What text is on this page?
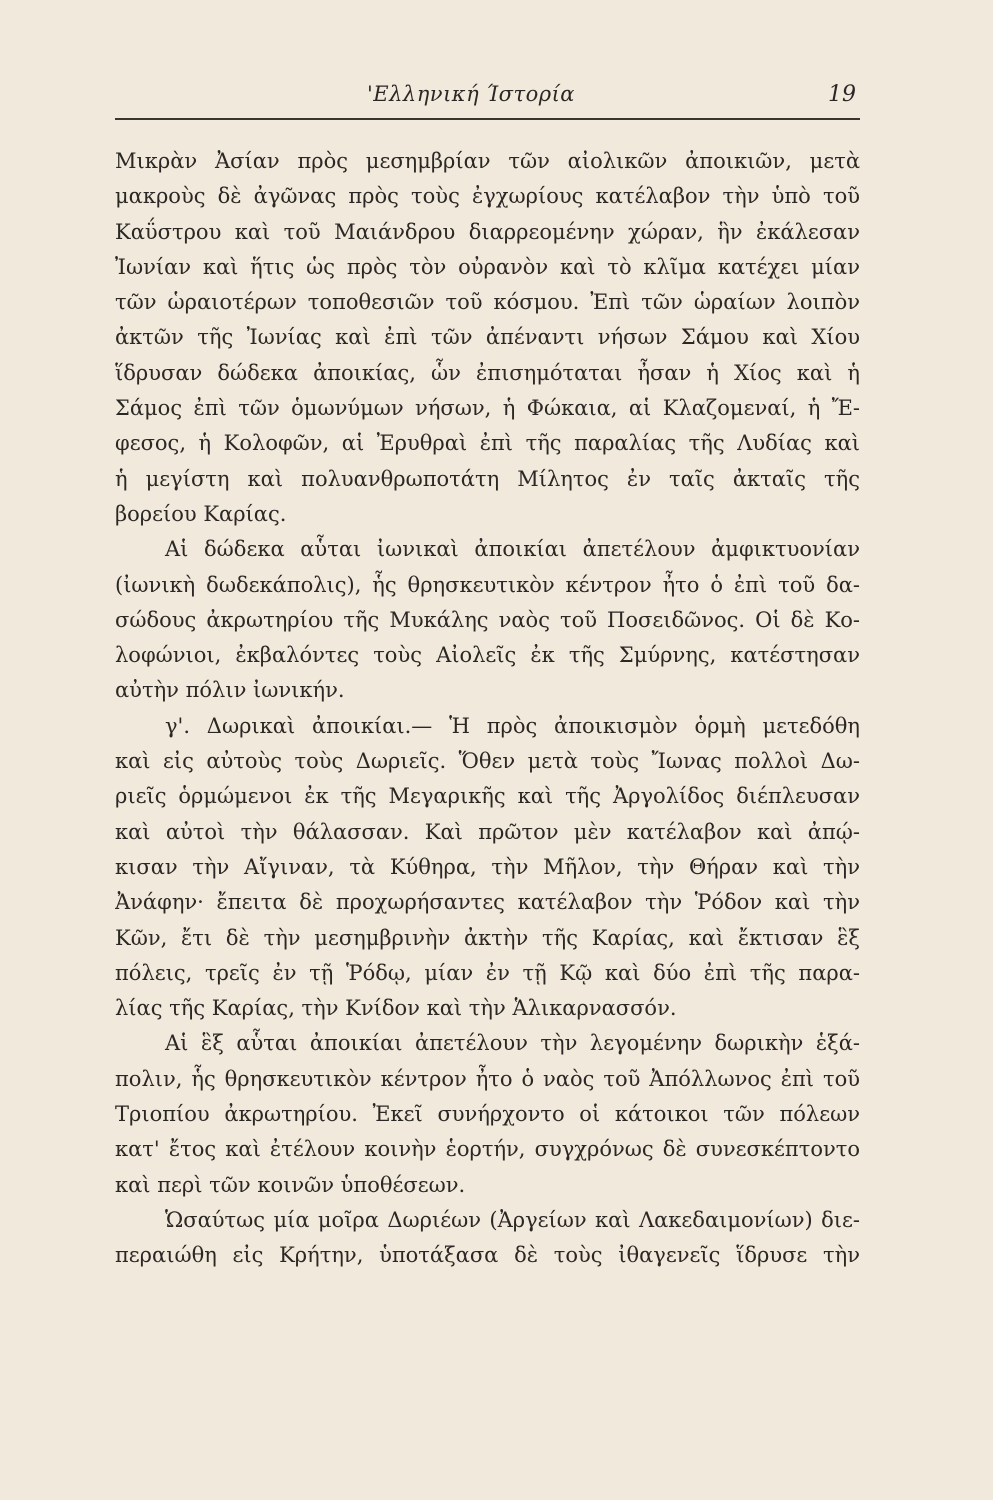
'Ελληνική Ίστορία	19
Μικρὰν Ἀσίαν πρὸς μεσημβρίαν τῶν αἰολικῶν ἀποικιῶν, μετὰ
μακροὺς δὲ ἀγῶνας πρὸς τοὺς ἐγχωρίους κατέλαβον τὴν ὑπὸ τοῦ
Καΰστρου καὶ τοῦ Μαιάνδρου διαρρεομένην χώραν, ἣν ἐκάλεσαν
Ἰωνίαν καὶ ἥτις ὡς πρὸς τὸν οὐρανὸν καὶ τὸ κλῖμα κατέχει μίαν
τῶν ὡραιοτέρων τοποθεσιῶν τοῦ κόσμου. Ἐπὶ τῶν ὡραίων λοιπὸν
ἀκτῶν τῆς Ἰωνίας καὶ ἐπὶ τῶν ἀπέναντι νήσων Σάμου καὶ Χίου
ἵδρυσαν δώδεκα ἀποικίας, ὧν ἐπισημόταται ἦσαν ἡ Χίος καὶ ἡ
Σάμος ἐπὶ τῶν ὁμωνύμων νήσων, ἡ Φώκαια, αἱ Κλαζομεναί, ἡ Ἔ-
φεσος, ἡ Κολοφῶν, αἱ Ἐρυθραὶ ἐπὶ τῆς παραλίας τῆς Λυδίας καὶ
ἡ μεγίστη καὶ πολυανθρωποτάτη Μίλητος ἐν ταῖς ἀκταῖς τῆς
βορείου Καρίας.
Αἱ δώδεκα αὗται ἰωνικαὶ ἀποικίαι ἀπετέλουν ἀμφικτυονίαν
(ἰωνικὴ δωδεκάπολις), ἧς θρησκευτικὸν κέντρον ἦτο ὁ ἐπὶ τοῦ δα-
σώδους ἀκρωτηρίου τῆς Μυκάλης ναὸς τοῦ Ποσειδῶνος. Οἱ δὲ Κο-
λοφώνιοι, ἐκβαλόντες τοὺς Αἰολεῖς ἐκ τῆς Σμύρνης, κατέστησαν
αὐτὴν πόλιν ἰωνικήν.
γ'. Δωρικαὶ ἀποικίαι.— Ἡ πρὸς ἀποικισμὸν ὁρμὴ μετεδόθη
καὶ εἰς αὐτοὺς τοὺς Δωριεῖς. Ὅθεν μετὰ τοὺς Ἴωνας πολλοὶ Δω-
ριεῖς ὁρμώμενοι ἐκ τῆς Μεγαρικῆς καὶ τῆς Ἀργολίδος διέπλευσαν
καὶ αὐτοὶ τὴν θάλασσαν. Καὶ πρῶτον μὲν κατέλαβον καὶ ἀπῴ-
κισαν τὴν Αἴγιναν, τὰ Κύθηρα, τὴν Μῆλον, τὴν Θήραν καὶ τὴν
Ἀνάφην· ἔπειτα δὲ προχωρήσαντες κατέλαβον τὴν Ῥόδον καὶ τὴν
Κῶν, ἔτι δὲ τὴν μεσημβρινὴν ἀκτὴν τῆς Καρίας, καὶ ἔκτισαν ἓξ
πόλεις, τρεῖς ἐν τῇ Ῥόδῳ, μίαν ἐν τῇ Κῷ καὶ δύο ἐπὶ τῆς παρα-
λίας τῆς Καρίας, τὴν Κνίδον καὶ τὴν Ἁλικαρνασσόν.
Αἱ ἓξ αὗται ἀποικίαι ἀπετέλουν τὴν λεγομένην δωρικὴν ἑξά-
πολιν, ἧς θρησκευτικὸν κέντρον ἦτο ὁ ναὸς τοῦ Ἀπόλλωνος ἐπὶ τοῦ
Τριοπίου ἀκρωτηρίου. Ἐκεῖ συνήρχοντο οἱ κάτοικοι τῶν πόλεων
κατ' ἔτος καὶ ἐτέλουν κοινὴν ἑορτήν, συγχρόνως δὲ συνεσκέπτοντο
καὶ περὶ τῶν κοινῶν ὑποθέσεων.
Ὡσαύτως μία μοῖρα Δωριέων (Ἀργείων καὶ Λακεδαιμονίων) διε-
περαιώθη εἰς Κρήτην, ὑποτάξασα δὲ τοὺς ἰθαγενεῖς ἵδρυσε τὴν
